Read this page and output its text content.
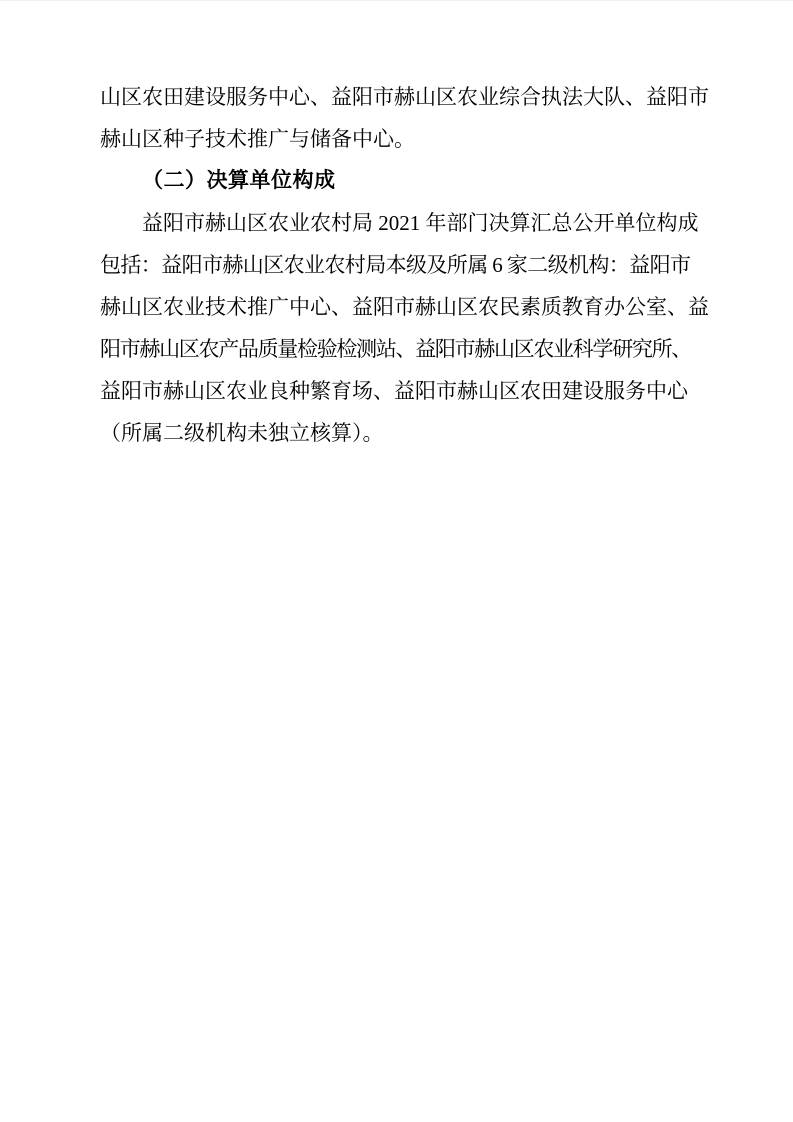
山区农田建设服务中心、益阳市赫山区农业综合执法大队、益阳市
赫山区种子技术推广与储备中心。
（二）决算单位构成
益阳市赫山区农业农村局 2021 年部门决算汇总公开单位构成
包括：益阳市赫山区农业农村局本级及所属 6 家二级机构：益阳市
赫山区农业技术推广中心、益阳市赫山区农民素质教育办公室、益
阳市赫山区农产品质量检验检测站、益阳市赫山区农业科学研究所、
益阳市赫山区农业良种繁育场、益阳市赫山区农田建设服务中心
（所属二级机构未独立核算）。
